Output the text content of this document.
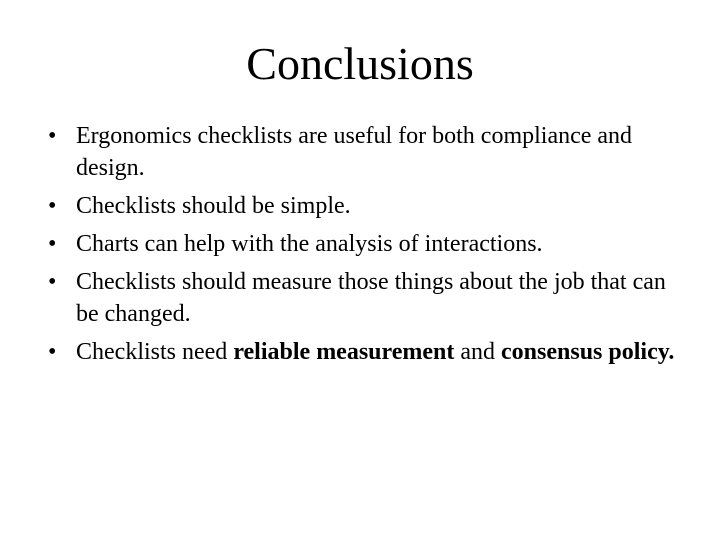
Conclusions
• Ergonomics checklists are useful for both compliance and design.
• Checklists should be simple.
• Charts can help with the analysis of interactions.
• Checklists should measure those things about the job that can be changed.
• Checklists need reliable measurement and consensus policy.
